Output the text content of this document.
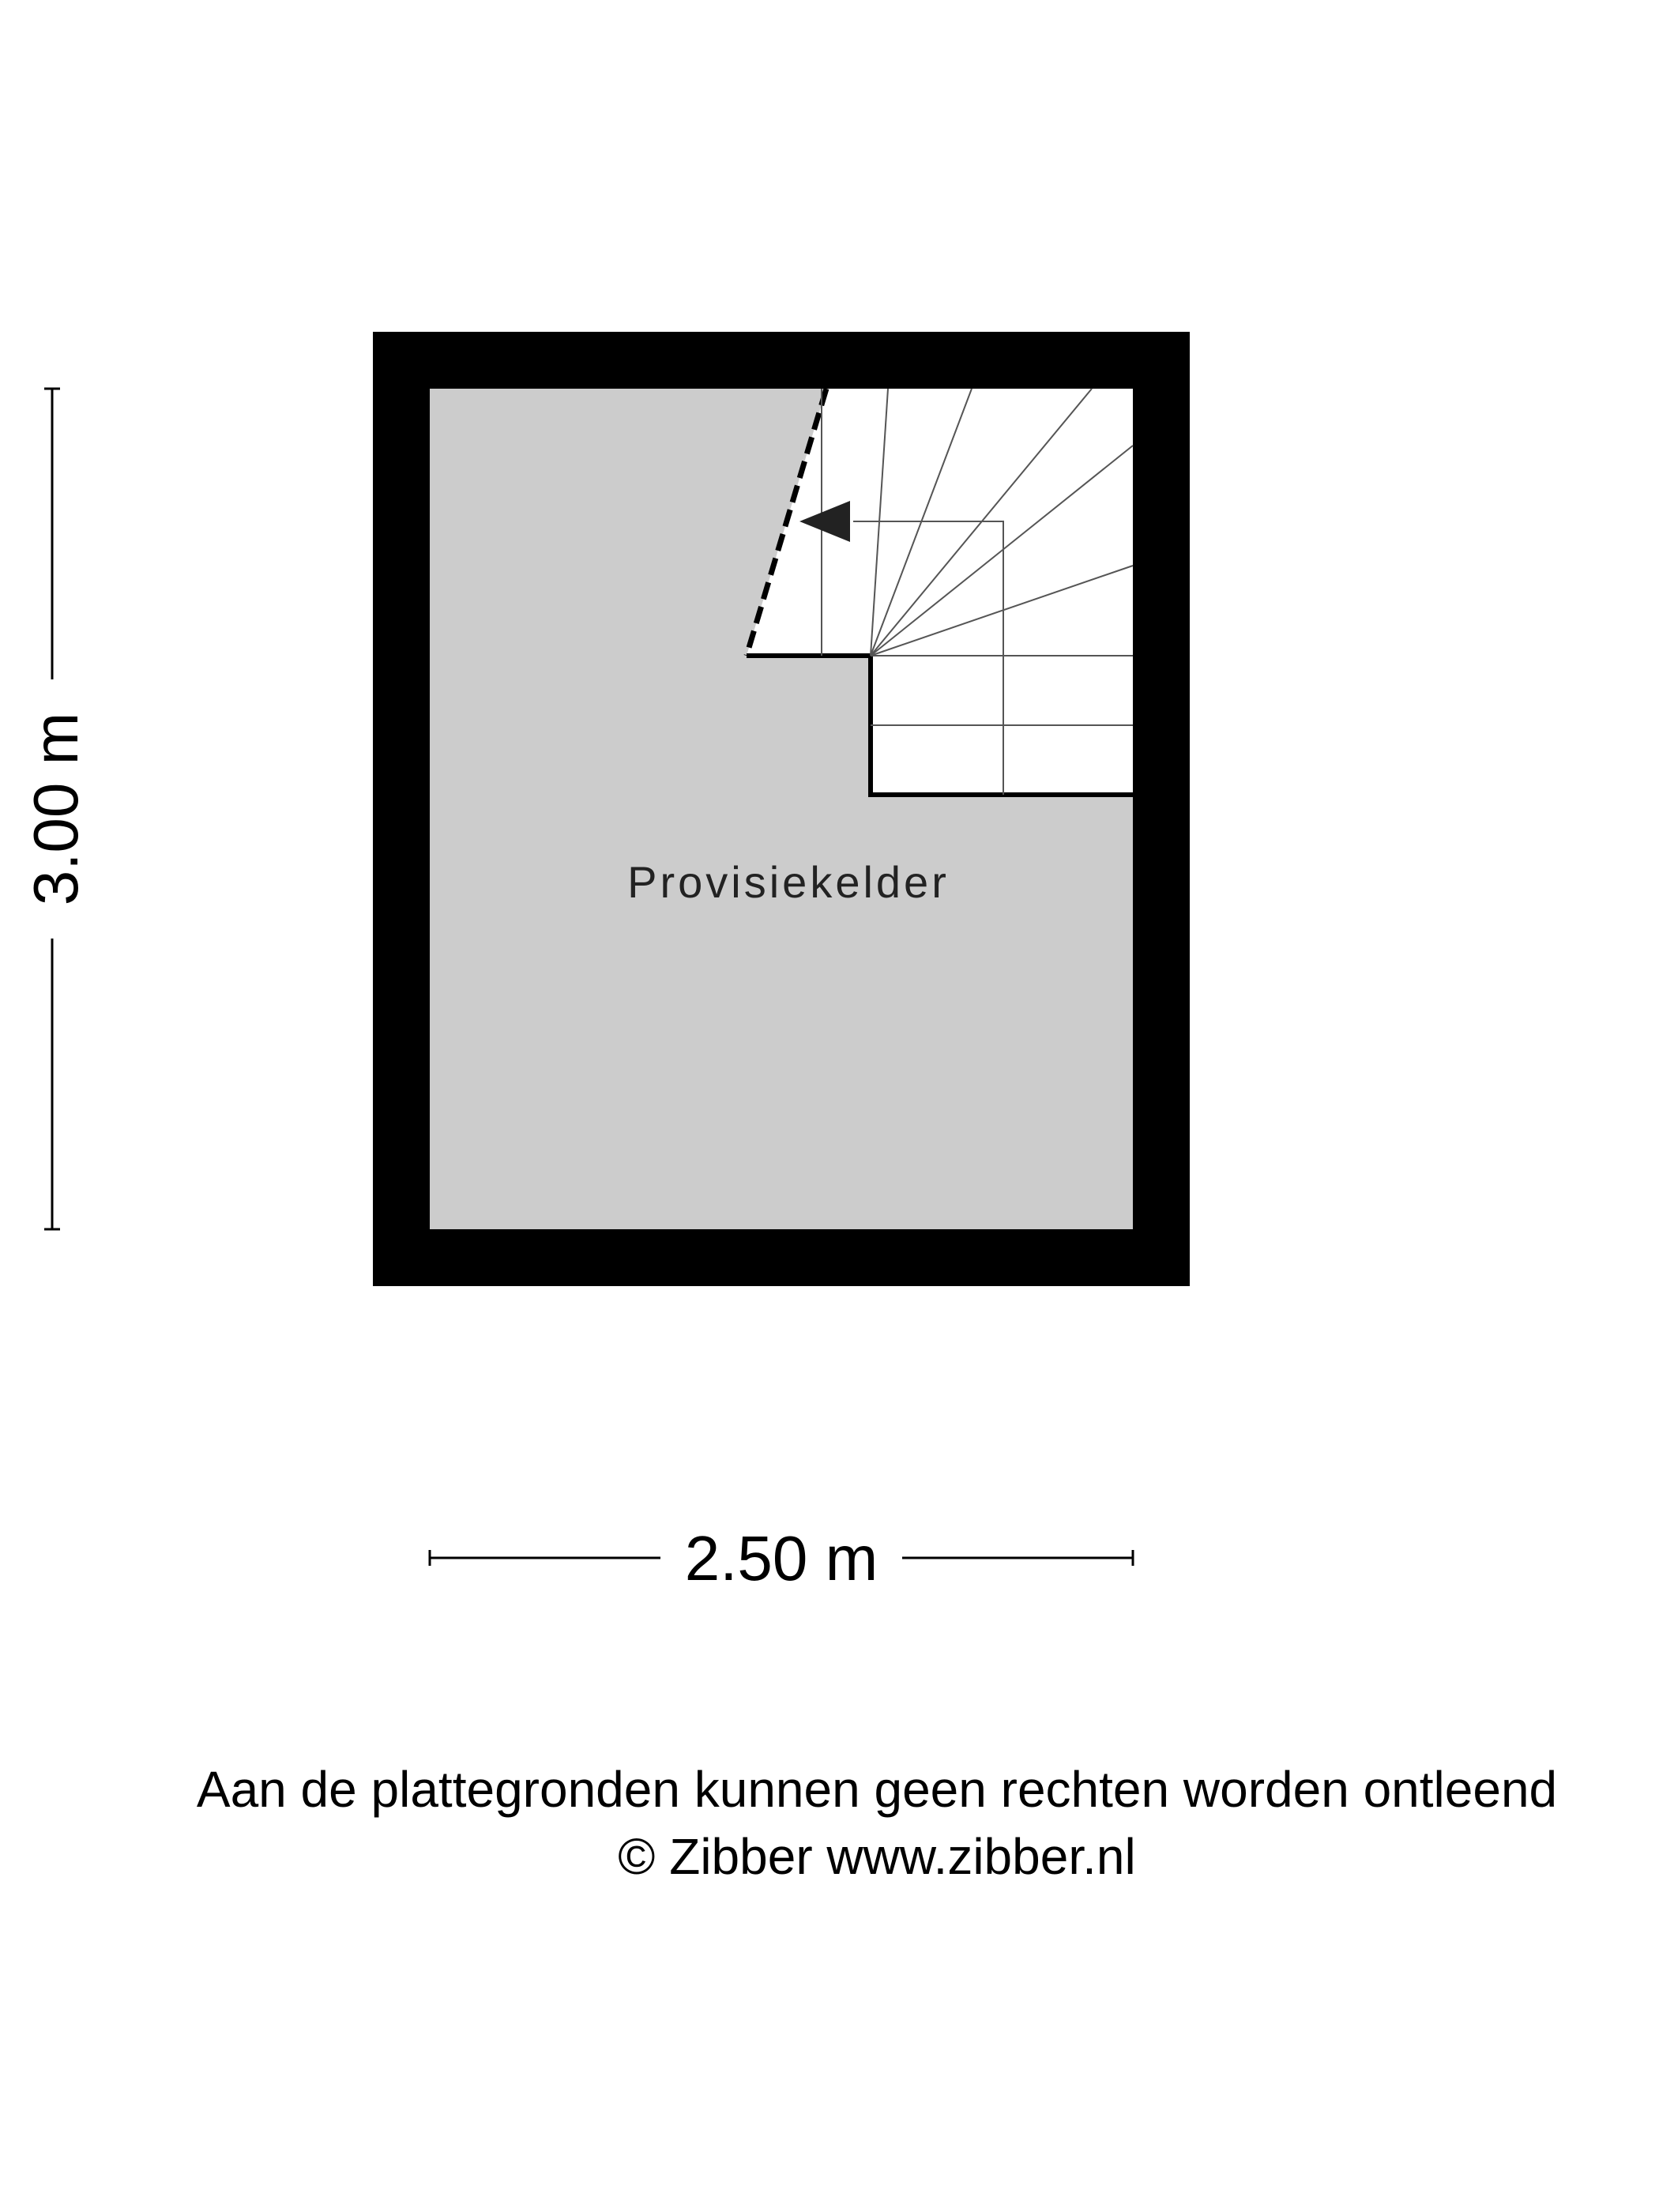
Provisiekelder
3.00 m
2.50 m
Aan de plattegronden kunnen geen rechten worden ontleend
© Zibber www.zibber.nl
